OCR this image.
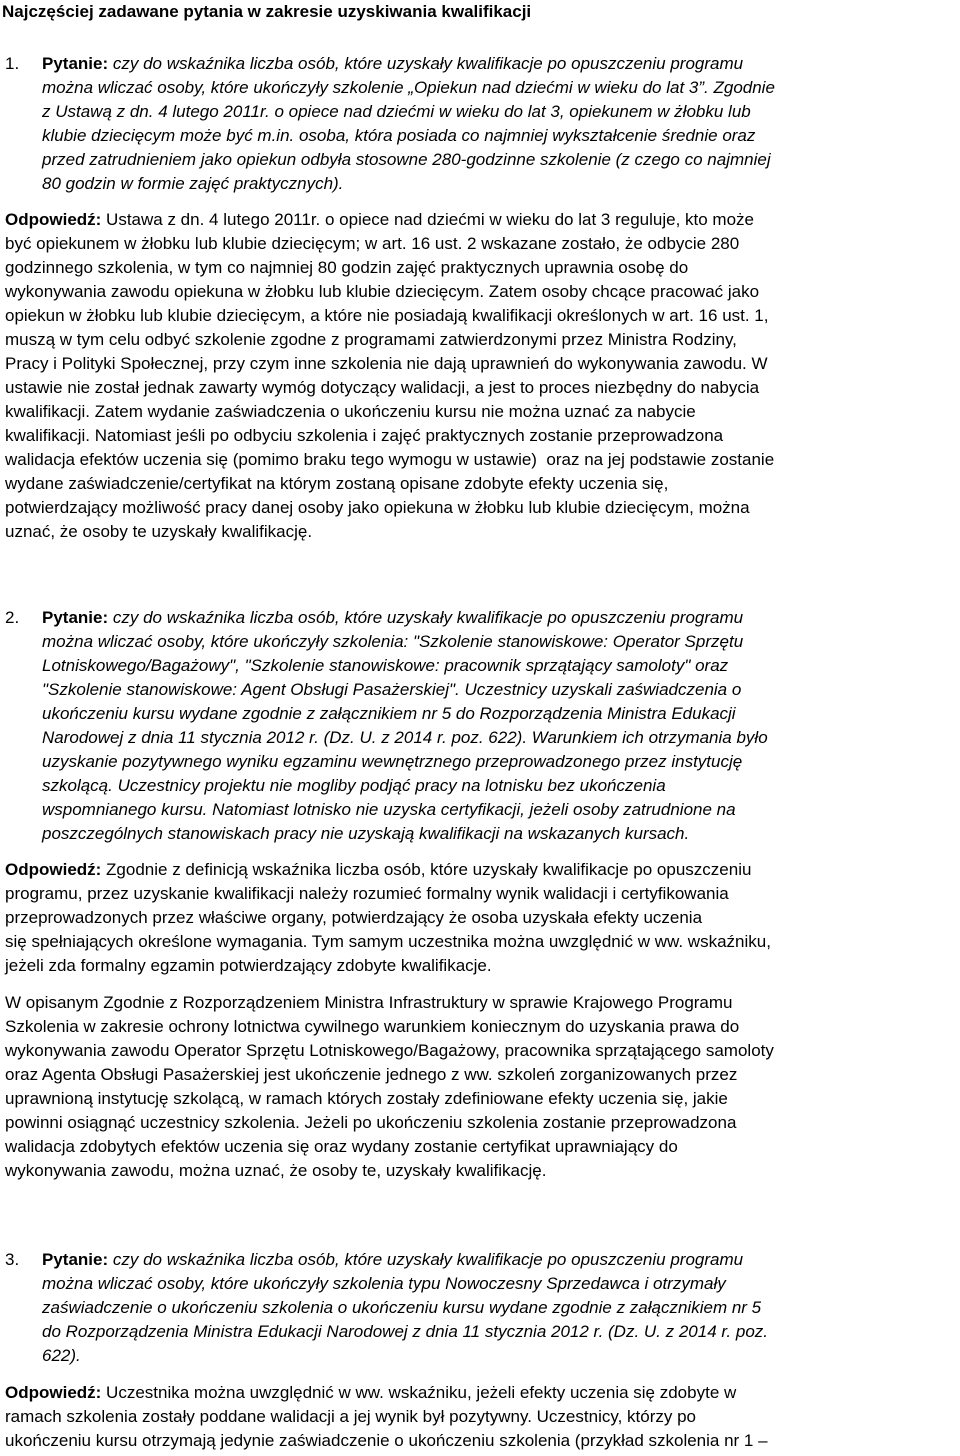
Najczęściej zadawane pytania w zakresie uzyskiwania kwalifikacji
1. Pytanie: czy do wskaźnika liczba osób, które uzyskały kwalifikacje po opuszczeniu programu
można wliczać osoby, które ukończyły szkolenie „Opiekun nad dziećmi w wieku do lat 3”. Zgodnie
z Ustawą z dn. 4 lutego 2011r. o opiece nad dziećmi w wieku do lat 3, opiekunem w żłobku lub
klubie dziecięcym może być m.in. osoba, która posiada co najmniej wykształcenie średnie oraz
przed zatrudnieniem jako opiekun odbyła stosowne 280-godzinne szkolenie (z czego co najmniej
80 godzin w formie zajęć praktycznych).
Odpowiedź: Ustawa z dn. 4 lutego 2011r. o opiece nad dziećmi w wieku do lat 3 reguluje, kto może
być opiekunem w żłobku lub klubie dziecięcym; w art. 16 ust. 2 wskazane zostało, że odbycie 280
godzinnego szkolenia, w tym co najmniej 80 godzin zajęć praktycznych uprawnia osobę do
wykonywania zawodu opiekuna w żłobku lub klubie dziecięcym. Zatem osoby chcące pracować jako
opiekun w żłobku lub klubie dziecięcym, a które nie posiadają kwalifikacji określonych w art. 16 ust. 1,
muszą w tym celu odbyć szkolenie zgodne z programami zatwierdzonymi przez Ministra Rodziny,
Pracy i Polityki Społecznej, przy czym inne szkolenia nie dają uprawnień do wykonywania zawodu. W
ustawie nie został jednak zawarty wymóg dotyczący walidacji, a jest to proces niezbędny do nabycia
kwalifikacji. Zatem wydanie zaświadczenia o ukończeniu kursu nie można uznać za nabycie
kwalifikacji. Natomiast jeśli po odbyciu szkolenia i zajęć praktycznych zostanie przeprowadzona
walidacja efektów uczenia się (pomimo braku tego wymogu w ustawie)  oraz na jej podstawie zostanie
wydane zaświadczenie/certyfikat na którym zostaną opisane zdobyte efekty uczenia się,
potwierdzający możliwość pracy danej osoby jako opiekuna w żłobku lub klubie dziecięcym, można
uznać, że osoby te uzyskały kwalifikację.
2. Pytanie: czy do wskaźnika liczba osób, które uzyskały kwalifikacje po opuszczeniu programu
można wliczać osoby, które ukończyły szkolenia: "Szkolenie stanowiskowe: Operator Sprzętu
Lotniskowego/Bagażowy", "Szkolenie stanowiskowe: pracownik sprzątający samoloty" oraz
"Szkolenie stanowiskowe: Agent Obsługi Pasażerskiej". Uczestnicy uzyskali zaświadczenia o
ukończeniu kursu wydane zgodnie z załącznikiem nr 5 do Rozporządzenia Ministra Edukacji
Narodowej z dnia 11 stycznia 2012 r. (Dz. U. z 2014 r. poz. 622). Warunkiem ich otrzymania było
uzyskanie pozytywnego wyniku egzaminu wewnętrznego przeprowadzonego przez instytucję
szkolącą. Uczestnicy projektu nie mogliby podjąć pracy na lotnisku bez ukończenia
wspomnianego kursu. Natomiast lotnisko nie uzyska certyfikacji, jeżeli osoby zatrudnione na
poszczególnych stanowiskach pracy nie uzyskają kwalifikacji na wskazanych kursach.
Odpowiedź: Zgodnie z definicją wskaźnika liczba osób, które uzyskały kwalifikacje po opuszczeniu
programu, przez uzyskanie kwalifikacji należy rozumieć formalny wynik walidacji i certyfikowania
przeprowadzonych przez właściwe organy, potwierdzający że osoba uzyskała efekty uczenia
się spełniających określone wymagania. Tym samym uczestnika można uwzględnić w ww. wskaźniku,
jeżeli zda formalny egzamin potwierdzający zdobyte kwalifikacje.
W opisanym Zgodnie z Rozporządzeniem Ministra Infrastruktury w sprawie Krajowego Programu
Szkolenia w zakresie ochrony lotnictwa cywilnego warunkiem koniecznym do uzyskania prawa do
wykonywania zawodu Operator Sprzętu Lotniskowego/Bagażowy, pracownika sprzątającego samoloty
oraz Agenta Obsługi Pasażerskiej jest ukończenie jednego z ww. szkoleń zorganizowanych przez
uprawnioną instytucję szkolącą, w ramach których zostały zdefiniowane efekty uczenia się, jakie
powinni osiągnąć uczestnicy szkolenia. Jeżeli po ukończeniu szkolenia zostanie przeprowadzona
walidacja zdobytych efektów uczenia się oraz wydany zostanie certyfikat uprawniający do
wykonywania zawodu, można uznać, że osoby te, uzyskały kwalifikację.
3. Pytanie: czy do wskaźnika liczba osób, które uzyskały kwalifikacje po opuszczeniu programu
można wliczać osoby, które ukończyły szkolenia typu Nowoczesny Sprzedawca i otrzymały
zaświadczenie o ukończeniu szkolenia o ukończeniu kursu wydane zgodnie z załącznikiem nr 5
do Rozporządzenia Ministra Edukacji Narodowej z dnia 11 stycznia 2012 r. (Dz. U. z 2014 r. poz.
622).
Odpowiedź: Uczestnika można uwzględnić w ww. wskaźniku, jeżeli efekty uczenia się zdobyte w
ramach szkolenia zostały poddane walidacji a jej wynik był pozytywny. Uczestnicy, którzy po
ukończeniu kursu otrzymają jedynie zaświadczenie o ukończeniu szkolenia (przykład szkolenia nr 1 –
